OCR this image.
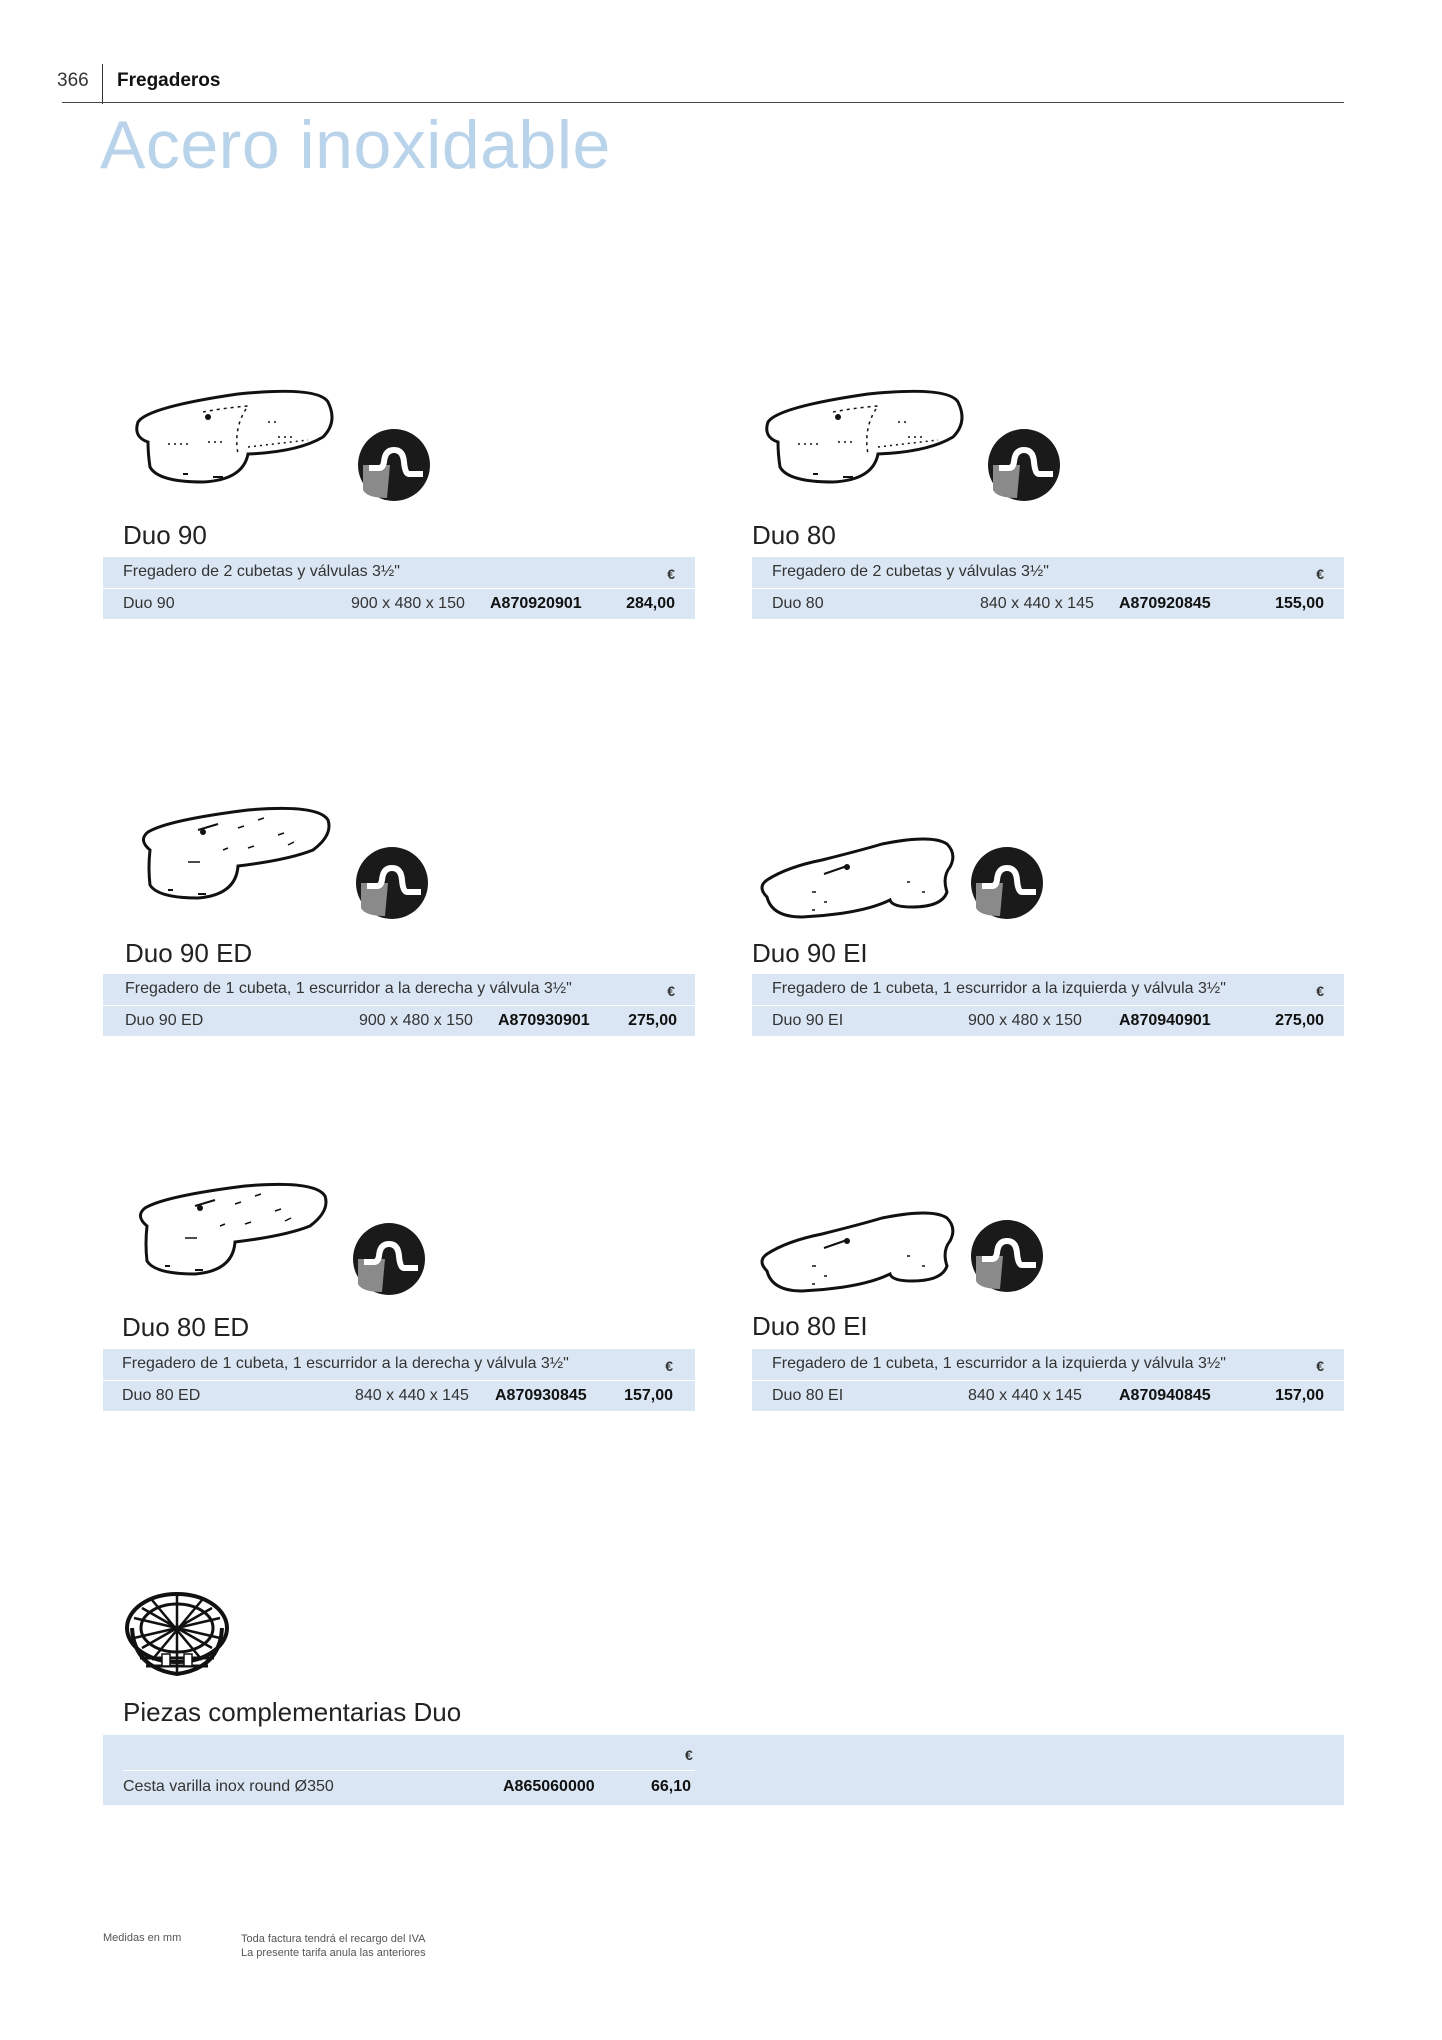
366 Fregaderos
Acero inoxidable
Duo 90
Fregadero de 2 cubetas y válvulas 3½"	€
Duo 90	900 x 480 x 150 A870920901	284,00
Duo 80
Fregadero de 2 cubetas y válvulas 3½"	€
Duo 80	840 x 440 x 145 A870920845	155,00
Duo 90 ED
Fregadero de 1 cubeta, 1 escurridor a la derecha y válvula 3½"	€
Duo 90 ED	900 x 480 x 150 A870930901 275,00
Duo 90 EI
Fregadero de 1 cubeta, 1 escurridor a la izquierda y válvula 3½"	€
Duo 90 EI	900 x 480 x 150 A870940901	275,00
Duo 80 ED
Fregadero de 1 cubeta, 1 escurridor a la derecha y válvula 3½"	€
Duo 80 ED	840 x 440 x 145 A870930845 157,00
Duo 80 EI
Fregadero de 1 cubeta, 1 escurridor a la izquierda y válvula 3½"	€
Duo 80 EI	840 x 440 x 145 A870940845	157,00
Piezas complementarias Duo
€
Cesta varilla inox round Ø350	A865060000	66,10
Medidas en mm	Toda factura tendrá el recargo del IVA
La presente tarifa anula las anteriores
